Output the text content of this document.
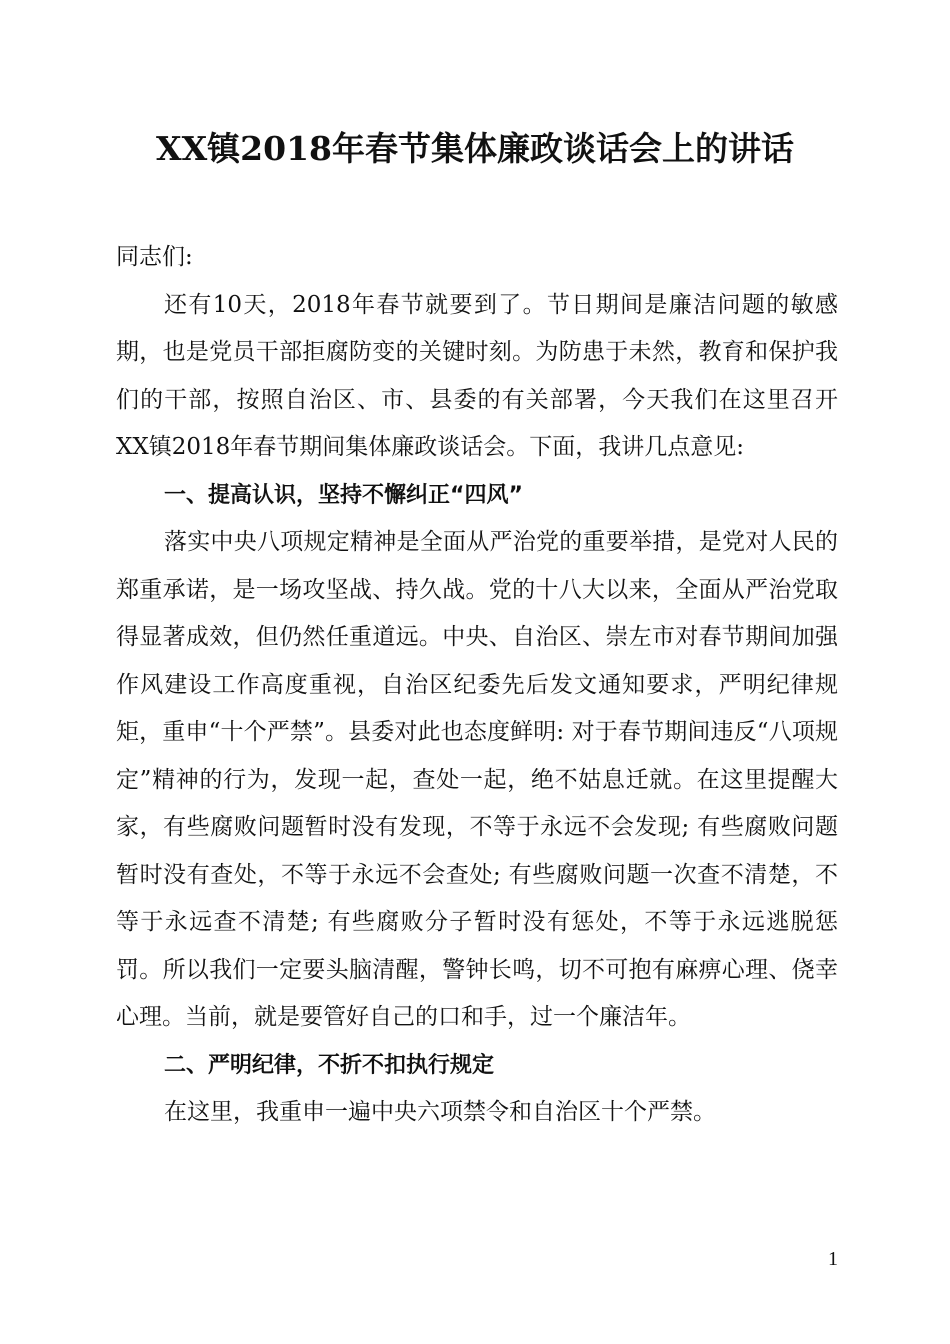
XX镇2018年春节集体廉政谈话会上的讲话

同志们:

还有10天，2018年春节就要到了。节日期间是廉洁问题的敏感期，也是党员干部拒腐防变的关键时刻。为防患于未然，教育和保护我们的干部，按照自治区、市、县委的有关部署，今天我们在这里召开XX镇2018年春节期间集体廉政谈话会。下面，我讲几点意见:

一、提高认识，坚持不懈纠正“四风”

落实中央八项规定精神是全面从严治党的重要举措，是党对人民的郑重承诺，是一场攻坚战、持久战。党的十八大以来，全面从严治党取得显著成效，但仍然任重道远。中央、自治区、崇左市对春节期间加强作风建设工作高度重视，自治区纪委先后发文通知要求，严明纪律规矩，重申“十个严禁”。县委对此也态度鲜明: 对于春节期间违反“八项规定”精神的行为，发现一起，查处一起，绝不姑息迁就。在这里提醒大家，有些腐败问题暂时没有发现，不等于永远不会发现; 有些腐败问题暂时没有查处，不等于永远不会查处; 有些腐败问题一次查不清楚，不等于永远查不清楚; 有些腐败分子暂时没有惩处，不等于永远逃脱惩罚。所以我们一定要头脑清醒，警钟长鸣，切不可抱有麻痹心理、侥幸心理。当前，就是要管好自己的口和手，过一个廉洁年。

二、严明纪律，不折不扣执行规定

在这里，我重申一遍中央六项禁令和自治区十个严禁。

1
